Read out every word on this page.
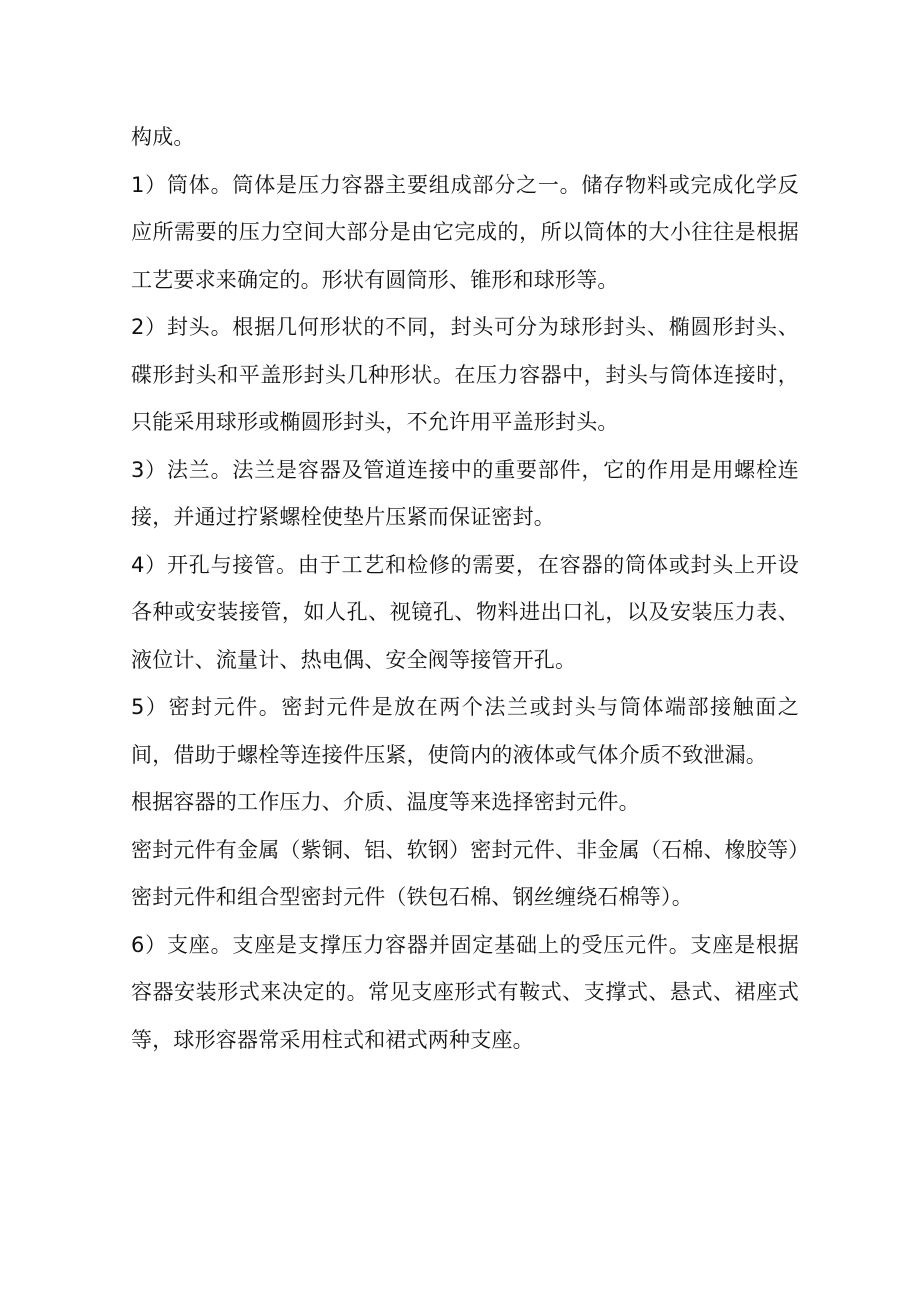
构成。

1）筒体。筒体是压力容器主要组成部分之一。储存物料或完成化学反应所需要的压力空间大部分是由它完成的，所以筒体的大小往往是根据工艺要求来确定的。形状有圆筒形、锥形和球形等。

2）封头。根据几何形状的不同，封头可分为球形封头、椭圆形封头、碟形封头和平盖形封头几种形状。在压力容器中，封头与筒体连接时，只能采用球形或椭圆形封头，不允许用平盖形封头。

3）法兰。法兰是容器及管道连接中的重要部件，它的作用是用螺栓连接，并通过拧紧螺栓使垫片压紧而保证密封。

4）开孔与接管。由于工艺和检修的需要，在容器的筒体或封头上开设各种或安装接管，如人孔、视镜孔、物料进出口礼，以及安装压力表、液位计、流量计、热电偶、安全阀等接管开孔。

5）密封元件。密封元件是放在两个法兰或封头与筒体端部接触面之间，借助于螺栓等连接件压紧，使筒内的液体或气体介质不致泄漏。

根据容器的工作压力、介质、温度等来选择密封元件。

密封元件有金属（紫铜、铝、软钢）密封元件、非金属（石棉、橡胶等）密封元件和组合型密封元件（铁包石棉、钢丝缠绕石棉等）。

6）支座。支座是支撑压力容器并固定基础上的受压元件。支座是根据容器安装形式来决定的。常见支座形式有鞍式、支撑式、悬式、裙座式等，球形容器常采用柱式和裙式两种支座。
